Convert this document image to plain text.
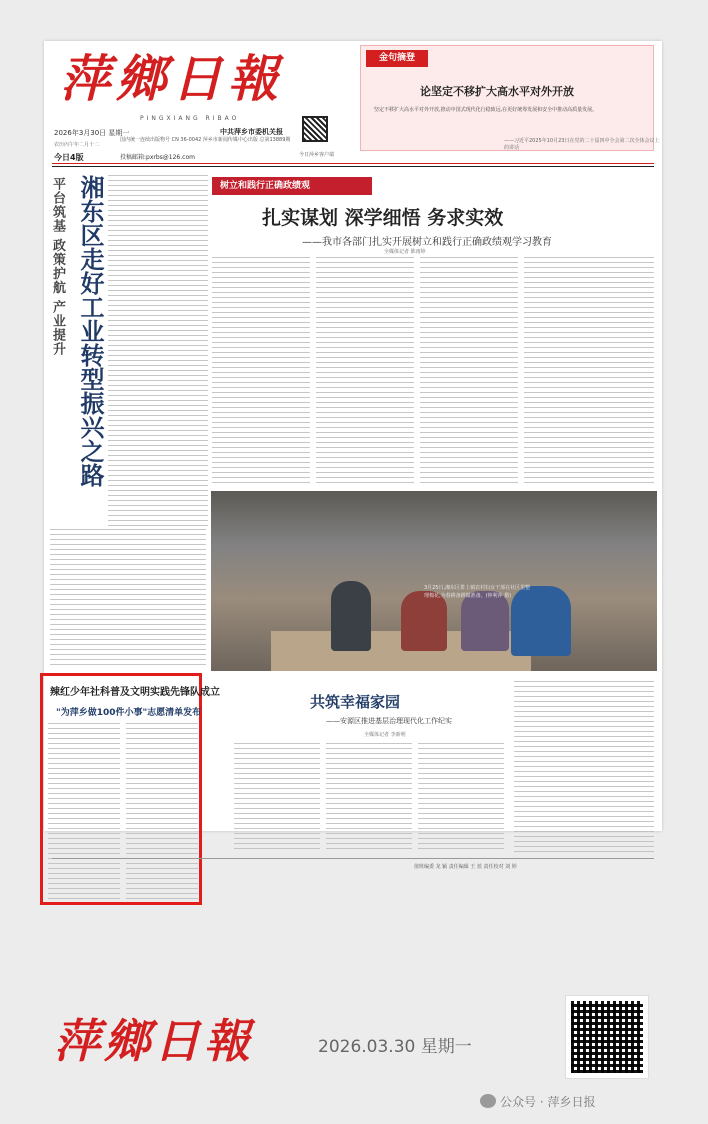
萍鄉日報
PINGXIANG RIBAO
中共萍乡市委机关报
2026年3月30日 星期一
农历丙午年二月十二
今日4版
国内统一连续出版物号 CN 36-0042 萍乡市新闻传媒中心出版 总第13889期
投稿邮箱:pxrbs@126.com	今日萍乡客户端
金句摘登
论坚定不移扩大高水平对外开放
坚定不移扩大高水平对外开放,推动中国式现代化行稳致远,在更好统筹发展和安全中推动高质量发展。
——习近平2025年10月23日在党的二十届四中全会第二次全体会议上的讲话
湘东区走好工业转型振兴之路
平台筑基 政策护航 产业提升	树立和践行正确政绩观
扎实谋划 深学细悟 务求实效
——我市各部门扎实开展树立和践行正确政绩观学习教育
全媒体记者 陈雨婷
3月25日,湘东区排上镇农村妇女干部在社区里整理棉花,为春耕备耕做准备。(钟利萍 摄)
辣红少年社科普及文明实践先锋队成立
"为萍乡做100件小事"志愿清单发布
共筑幸福家园
——安源区推进基层治理现代化工作纪实
全媒体记者 李新明
值班编委 龙 颖 责任编辑 王 蓝 责任校对 刘 婷
萍鄉日報	2026.03.30 星期一
公众号 · 萍乡日报
